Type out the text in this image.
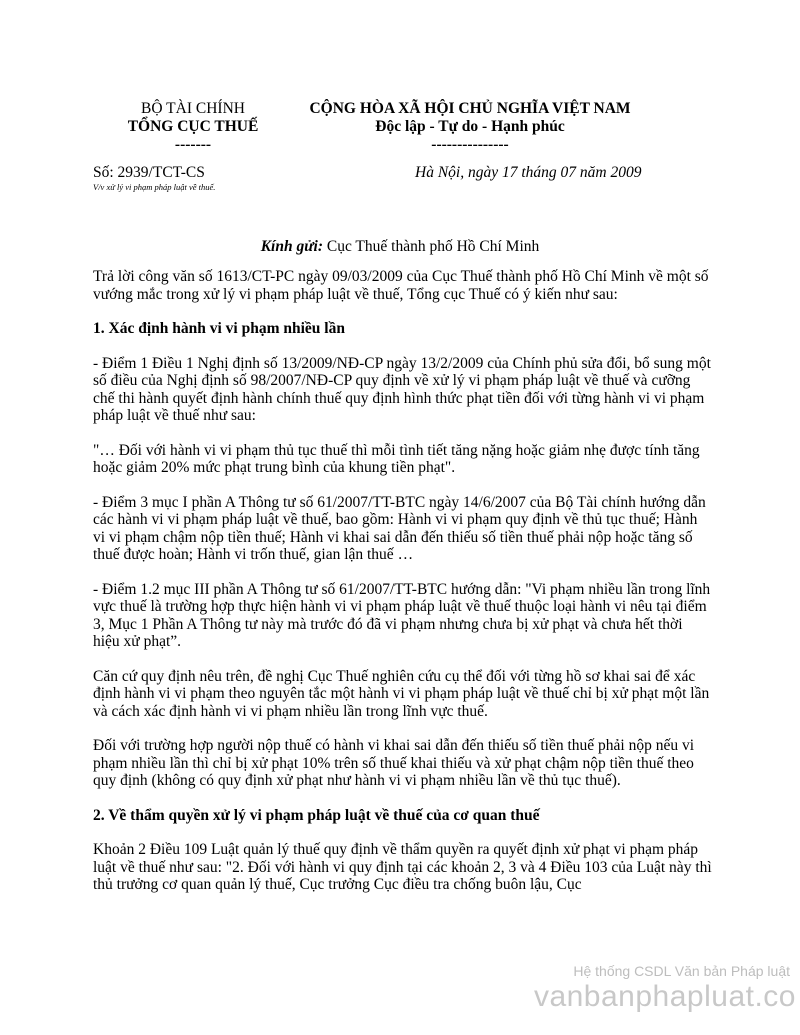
BỘ TÀI CHÍNH
TỔNG CỤC THUẾ
-------
CỘNG HÒA XÃ HỘI CHỦ NGHĨA VIỆT NAM
Độc lập - Tự do - Hạnh phúc
---------------
Số: 2939/TCT-CS
V/v xử lý vi phạm pháp luật về thuế.
Hà Nội, ngày 17 tháng 07 năm 2009
Kính gửi: Cục Thuế thành phố Hồ Chí Minh

Trả lời công văn số 1613/CT-PC ngày 09/03/2009 của Cục Thuế thành phố Hồ Chí Minh về một số vướng mắc trong xử lý vi phạm pháp luật về thuế, Tổng cục Thuế có ý kiến như sau:

1. Xác định hành vi vi phạm nhiều lần

- Điểm 1 Điều 1 Nghị định số 13/2009/NĐ-CP ngày 13/2/2009 của Chính phủ sửa đổi, bổ sung một số điều của Nghị định số 98/2007/NĐ-CP quy định về xử lý vi phạm pháp luật về thuế và cưỡng chế thi hành quyết định hành chính thuế quy định hình thức phạt tiền đối với từng hành vi vi phạm pháp luật về thuế như sau:

"… Đối với hành vi vi phạm thủ tục thuế thì mỗi tình tiết tăng nặng hoặc giảm nhẹ được tính tăng hoặc giảm 20% mức phạt trung bình của khung tiền phạt".

- Điểm 3 mục I phần A Thông tư số 61/2007/TT-BTC ngày 14/6/2007 của Bộ Tài chính hướng dẫn các hành vi vi phạm pháp luật về thuế, bao gồm: Hành vi vi phạm quy định về thủ tục thuế; Hành vi vi phạm chậm nộp tiền thuế; Hành vi khai sai dẫn đến thiếu số tiền thuế phải nộp hoặc tăng số thuế được hoàn; Hành vi trốn thuế, gian lận thuế …

- Điểm 1.2 mục III phần A Thông tư số 61/2007/TT-BTC hướng dẫn: "Vi phạm nhiều lần trong lĩnh vực thuế là trường hợp thực hiện hành vi vi phạm pháp luật về thuế thuộc loại hành vi nêu tại điểm 3, Mục 1 Phần A Thông tư này mà trước đó đã vi phạm nhưng chưa bị xử phạt và chưa hết thời hiệu xử phạt”.

Căn cứ quy định nêu trên, đề nghị Cục Thuế nghiên cứu cụ thể đối với từng hồ sơ khai sai để xác định hành vi vi phạm theo nguyên tắc một hành vi vi phạm pháp luật về thuế chỉ bị xử phạt một lần và cách xác định hành vi vi phạm nhiều lần trong lĩnh vực thuế.

Đối với trường hợp người nộp thuế có hành vi khai sai dẫn đến thiếu số tiền thuế phải nộp nếu vi phạm nhiều lần thì chỉ bị xử phạt 10% trên số thuế khai thiếu và xử phạt chậm nộp tiền thuế theo quy định (không có quy định xử phạt như hành vi vi phạm nhiều lần về thủ tục thuế).

2. Về thẩm quyền xử lý vi phạm pháp luật về thuế của cơ quan thuế

Khoản 2 Điều 109 Luật quản lý thuế quy định về thẩm quyền ra quyết định xử phạt vi phạm pháp luật về thuế như sau: "2. Đối với hành vi quy định tại các khoản 2, 3 và 4 Điều 103 của Luật này thì thủ trưởng cơ quan quản lý thuế, Cục trưởng Cục điều tra chống buôn lậu, Cục

Hệ thống CSDL Văn bản Pháp luật
vanbanphapluat.co
